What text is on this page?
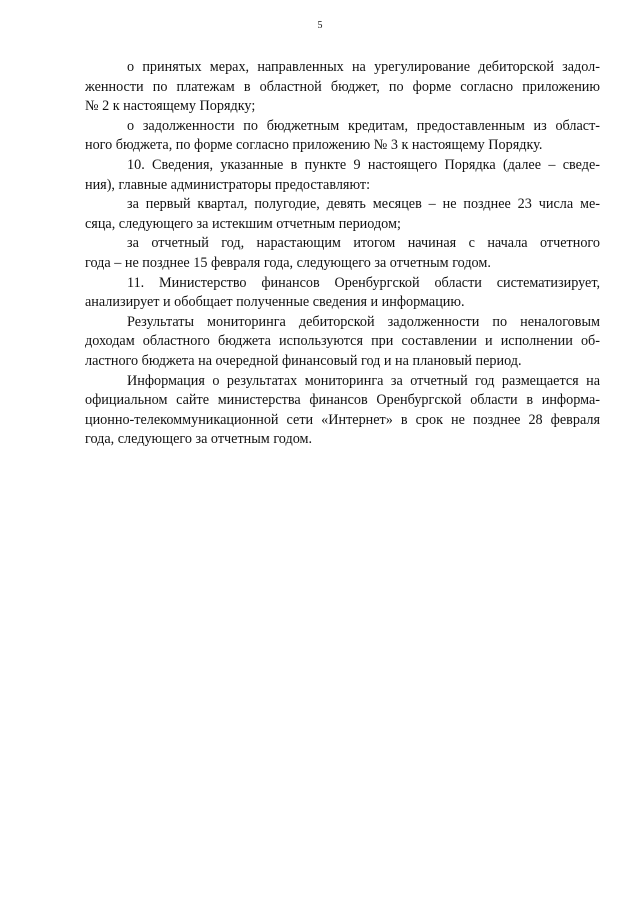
5
о принятых мерах, направленных на урегулирование дебиторской задол-
женности по платежам в областной бюджет, по форме согласно приложению
№ 2 к настоящему Порядку;
о задолженности по бюджетным кредитам, предоставленным из област-
ного бюджета, по форме согласно приложению № 3 к настоящему Порядку.
10. Сведения, указанные в пункте 9 настоящего Порядка (далее – сведе-
ния), главные администраторы предоставляют:
за первый квартал, полугодие, девять месяцев – не позднее 23 числа ме-
сяца, следующего за истекшим отчетным периодом;
за отчетный год, нарастающим итогом начиная с начала отчетного
года – не позднее 15 февраля года, следующего за отчетным годом.
11. Министерство финансов Оренбургской области систематизирует,
анализирует и обобщает полученные сведения и информацию.
Результаты мониторинга дебиторской задолженности по неналоговым
доходам областного бюджета используются при составлении и исполнении об-
ластного бюджета на очередной финансовый год и на плановый период.
Информация о результатах мониторинга за отчетный год размещается на
официальном сайте министерства финансов Оренбургской области в информа-
ционно-телекоммуникационной сети «Интернет» в срок не позднее 28 февраля
года, следующего за отчетным годом.
